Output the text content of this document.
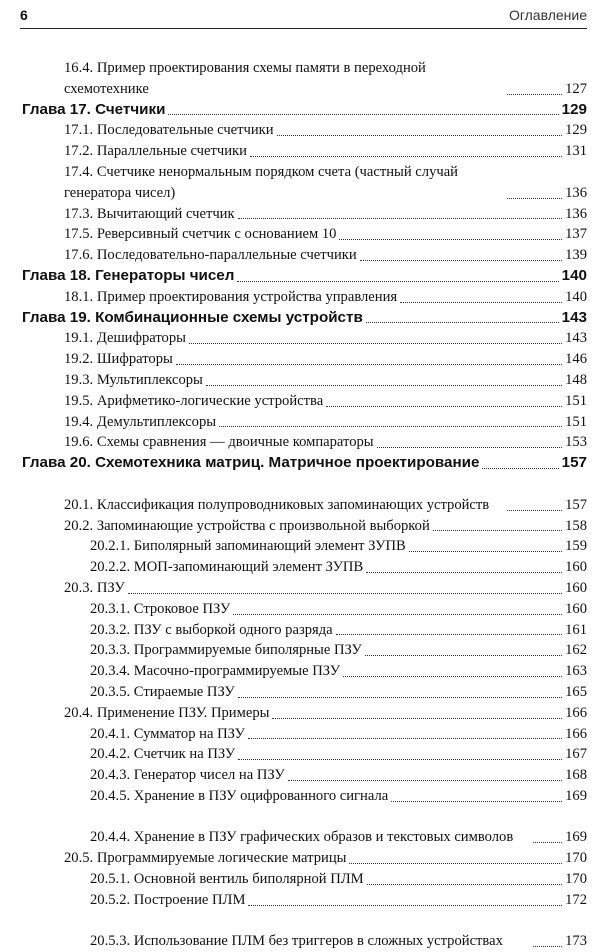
6	Оглавление
16.4. Пример проектирования схемы памяти в переходной схемотехнике	127
Глава 17. Счетчики	129
17.1. Последовательные счетчики	129
17.2. Параллельные счетчики	131
17.4. Счетчике ненормальным порядком счета (частный случай генератора чисел)	136
17.3. Вычитающий счетчик	136
17.5. Реверсивный счетчик с основанием 10	137
17.6. Последовательно-параллельные счетчики	139
Глава 18. Генераторы чисел	140
18.1. Пример проектирования устройства управления	140
Глава 19. Комбинационные схемы устройств	143
19.1. Дешифраторы	143
19.2. Шифраторы	146
19.3. Мультиплексоры	148
19.5. Арифметико-логические устройства	151
19.4. Демультиплексоры	151
19.6. Схемы сравнения — двоичные компараторы	153
Глава 20. Схемотехника матриц. Матричное проектирование	157
20.1. Классификация полупроводниковых запоминающих устройств	157
20.2. Запоминающие устройства с произвольной выборкой	158
20.2.1. Биполярный запоминающий элемент ЗУПВ	159
20.2.2. МОП-запоминающий элемент ЗУПВ	160
20.3. ПЗУ	160
20.3.1. Строковое ПЗУ	160
20.3.2. ПЗУ с выборкой одного разряда	161
20.3.3. Программируемые биполярные ПЗУ	162
20.3.4. Масочно-программируемые ПЗУ	163
20.3.5. Стираемые ПЗУ	165
20.4. Применение ПЗУ. Примеры	166
20.4.1. Сумматор на ПЗУ	166
20.4.2. Счетчик на ПЗУ	167
20.4.3. Генератор чисел на ПЗУ	168
20.4.5. Хранение в ПЗУ оцифрованного сигнала	169
20.4.4. Хранение в ПЗУ графических образов и текстовых символов	169
20.5. Программируемые логические матрицы	170
20.5.1. Основной вентиль биполярной ПЛМ	170
20.5.2. Построение ПЛМ	172
20.5.3. Использование ПЛМ без триггеров в сложных устройствах	173
